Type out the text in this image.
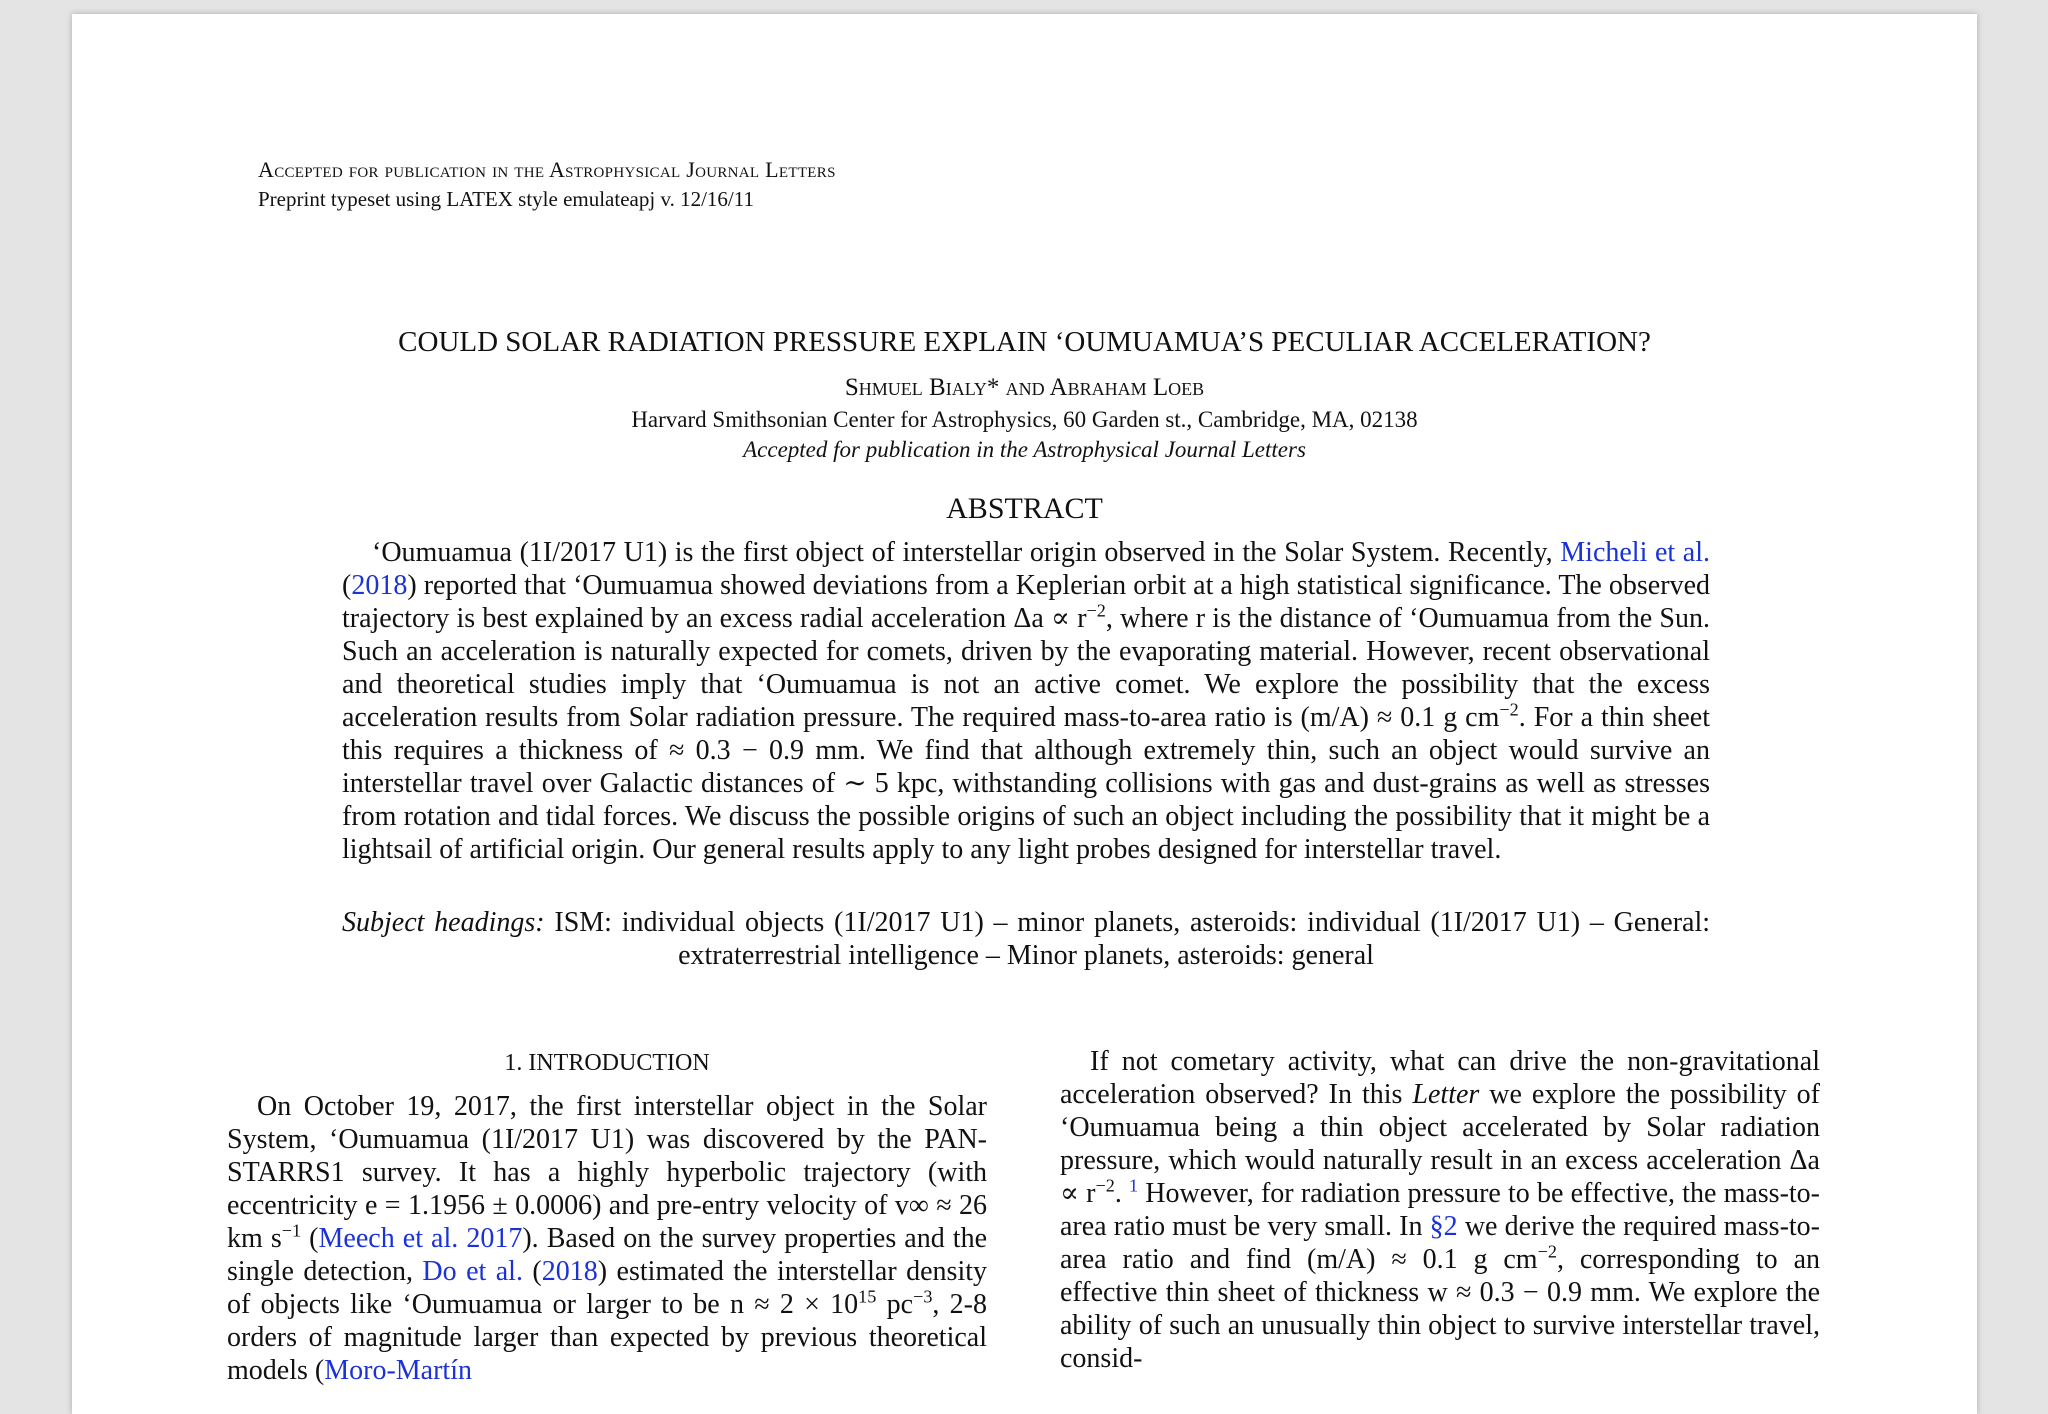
Accepted for publication in the Astrophysical Journal Letters
Preprint typeset using LATEX style emulateapj v. 12/16/11
COULD SOLAR RADIATION PRESSURE EXPLAIN ‘OUMUAMUA’S PECULIAR ACCELERATION?
Shmuel Bialy* and Abraham Loeb
Harvard Smithsonian Center for Astrophysics, 60 Garden st., Cambridge, MA, 02138
Accepted for publication in the Astrophysical Journal Letters
ABSTRACT

‘Oumuamua (1I/2017 U1) is the first object of interstellar origin observed in the Solar System. Recently, Micheli et al. (2018) reported that ‘Oumuamua showed deviations from a Keplerian orbit at a high statistical significance. The observed trajectory is best explained by an excess radial acceleration $\Delta a \propto r^{-2}$, where r is the distance of ‘Oumuamua from the Sun. Such an acceleration is naturally expected for comets, driven by the evaporating material. However, recent observational and theoretical studies imply that ‘Oumuamua is not an active comet. We explore the possibility that the excess acceleration results from Solar radiation pressure. The required mass-to-area ratio is (m/A) ≈ 0.1 g $cm^{-2}$. For a thin sheet this requires a thickness of ≈ 0.3 − 0.9 mm. We find that although extremely thin, such an object would survive an interstellar travel over Galactic distances of ∼ 5 kpc, withstanding collisions with gas and dust-grains as well as stresses from rotation and tidal forces. We discuss the possible origins of such an object including the possibility that it might be a lightsail of artificial origin. Our general results apply to any light probes designed for interstellar travel.

Subject headings: ISM: individual objects (1I/2017 U1) – minor planets, asteroids: individual (1I/2017 U1) – General: extraterrestrial intelligence – Minor planets, asteroids: general

1. INTRODUCTION

On October 19, 2017, the first interstellar object in the Solar System, ‘Oumuamua (1I/2017 U1) was discovered by the PAN-STARRS1 survey. It has a highly hyperbolic trajectory (with eccentricity e = 1.1956 ± 0.0006) and pre-entry velocity of v∞ ≈ 26 km $s^{-1}$ (Meech et al. 2017). Based on the survey properties and the single detection, Do et al. (2018) estimated the interstellar density of objects like ‘Oumuamua or larger to be $n \approx 2 \times 10^{15}$ $pc^{-3}$, 2-8 orders of magnitude larger than expected by previous theoretical models (Moro-Martín

If not cometary activity, what can drive the non-gravitational acceleration observed? In this Letter we explore the possibility of ‘Oumuamua being a thin object accelerated by Solar radiation pressure, which would naturally result in an excess acceleration $\Delta a \propto r^{-2}$. $^1$ However, for radiation pressure to be effective, the mass-to-area ratio must be very small. In §2 we derive the required mass-to-area ratio and find (m/A) ≈ 0.1 g $cm^{-2}$, corresponding to an effective thin sheet of thickness w ≈ 0.3 − 0.9 mm. We explore the ability of such an unusually thin object to survive interstellar travel, consid-
